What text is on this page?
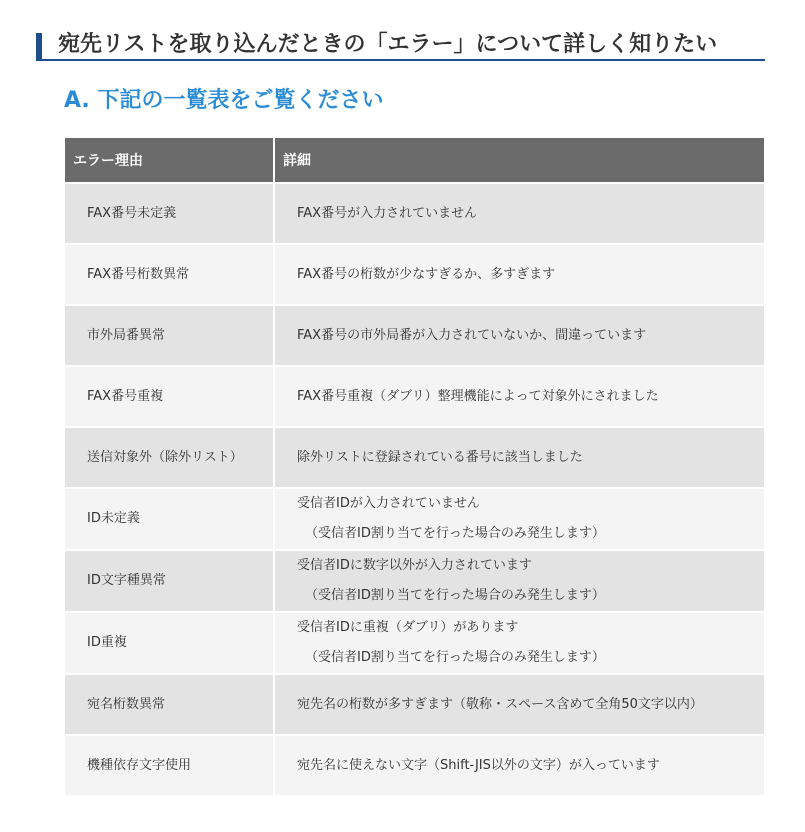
宛先リストを取り込んだときの「エラー」について詳しく知りたい
A. 下記の一覧表をご覧ください
エラー理由	詳細
FAX番号未定義	FAX番号が入力されていません

FAX番号桁数異常	FAX番号の桁数が少なすぎるか、多すぎます

市外局番異常	FAX番号の市外局番が入力されていないか、間違っています

FAX番号重複	FAX番号重複（ダブリ）整理機能によって対象外にされました

送信対象外（除外リスト）	除外リストに登録されている番号に該当しました

ID未定義	受信者IDが入力されていません
（受信者ID割り当てを行った場合のみ発生します）

ID文字種異常	受信者IDに数字以外が入力されています
（受信者ID割り当てを行った場合のみ発生します）

ID重複	受信者IDに重複（ダブリ）があります
（受信者ID割り当てを行った場合のみ発生します）

宛名桁数異常	宛先名の桁数が多すぎます（敬称・スペース含めて全角50文字以内）

機種依存文字使用	宛先名に使えない文字（Shift-JIS以外の文字）が入っています
